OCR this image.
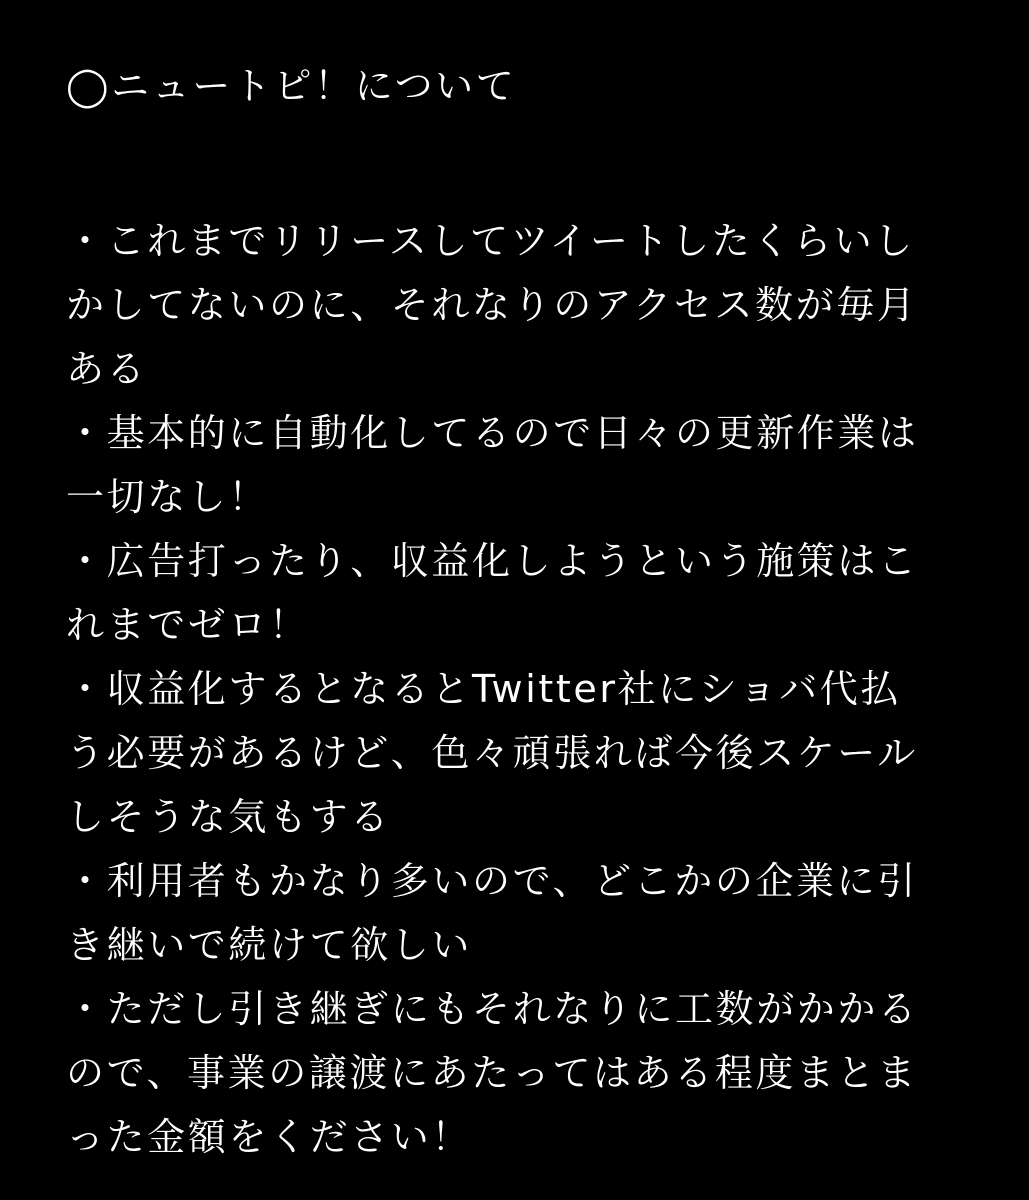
◯ニュートピ！について
・これまでリリースしてツイートしたくらいし
かしてないのに、それなりのアクセス数が毎月
ある
・基本的に自動化してるので日々の更新作業は
一切なし！
・広告打ったり、収益化しようという施策はこ
れまでゼロ！
・収益化するとなるとTwitter社にショバ代払
う必要があるけど、色々頑張れば今後スケール
しそうな気もする
・利用者もかなり多いので、どこかの企業に引
き継いで続けて欲しい
・ただし引き継ぎにもそれなりに工数がかかる
ので、事業の譲渡にあたってはある程度まとま
った金額をください！
